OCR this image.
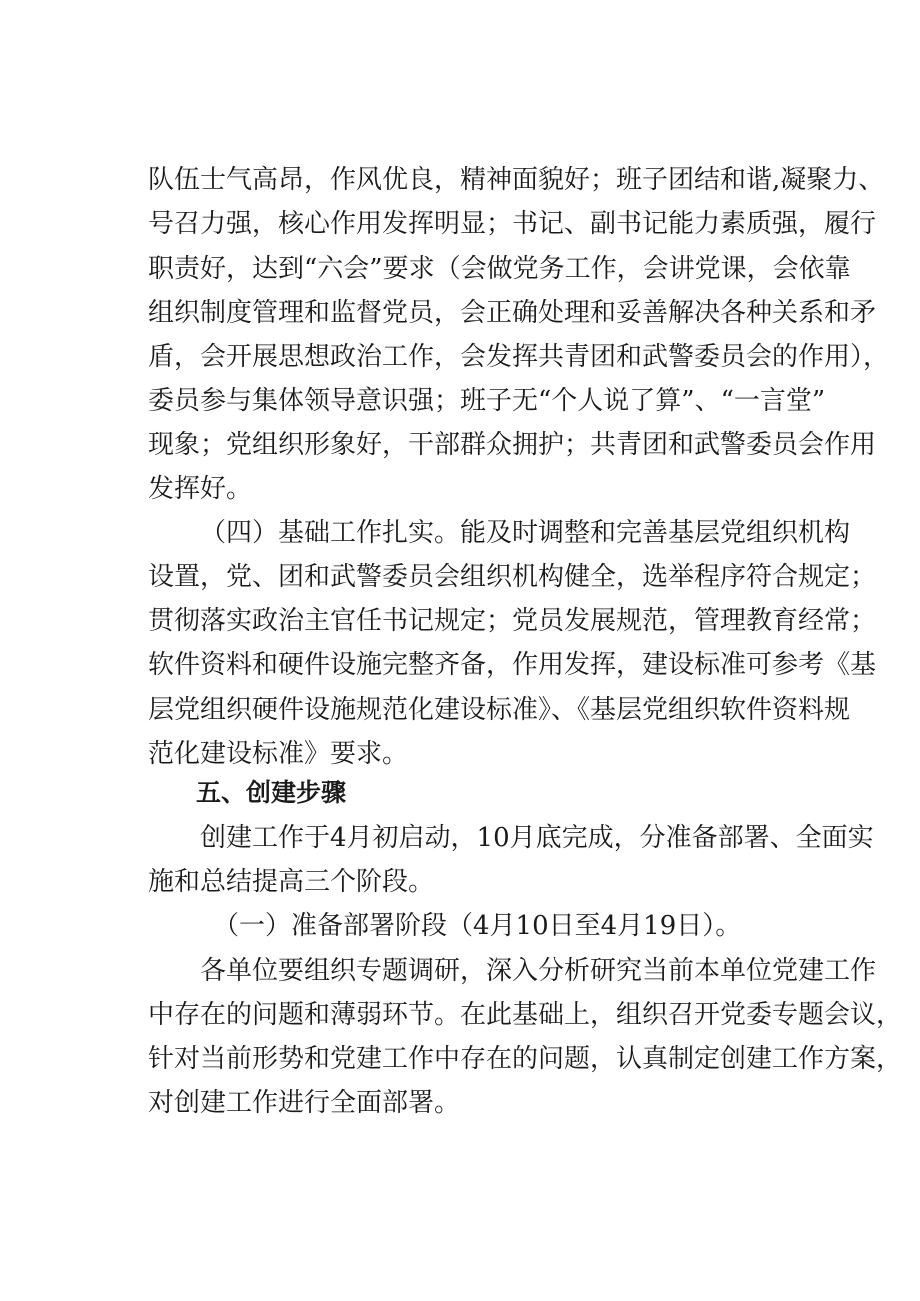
队伍士气高昂，作风优良，精神面貌好；班子团结和谐,凝聚力、
号召力强，核心作用发挥明显；书记、副书记能力素质强，履行
职责好，达到“六会”要求（会做党务工作，会讲党课，会依靠
组织制度管理和监督党员，会正确处理和妥善解决各种关系和矛
盾，会开展思想政治工作，会发挥共青团和武警委员会的作用），
委员参与集体领导意识强；班子无“个人说了算”、“一言堂”
现象；党组织形象好，干部群众拥护；共青团和武警委员会作用
发挥好。
（四）基础工作扎实。能及时调整和完善基层党组织机构
设置，党、团和武警委员会组织机构健全，选举程序符合规定；
贯彻落实政治主官任书记规定；党员发展规范，管理教育经常；
软件资料和硬件设施完整齐备，作用发挥，建设标准可参考《基
层党组织硬件设施规范化建设标准》、《基层党组织软件资料规
范化建设标准》要求。
五、创建步骤
创建工作于4月初启动，10月底完成，分准备部署、全面实
施和总结提高三个阶段。
（一）准备部署阶段（4月10日至4月19日）。
各单位要组织专题调研，深入分析研究当前本单位党建工作
中存在的问题和薄弱环节。在此基础上，组织召开党委专题会议，
针对当前形势和党建工作中存在的问题，认真制定创建工作方案，
对创建工作进行全面部署。
